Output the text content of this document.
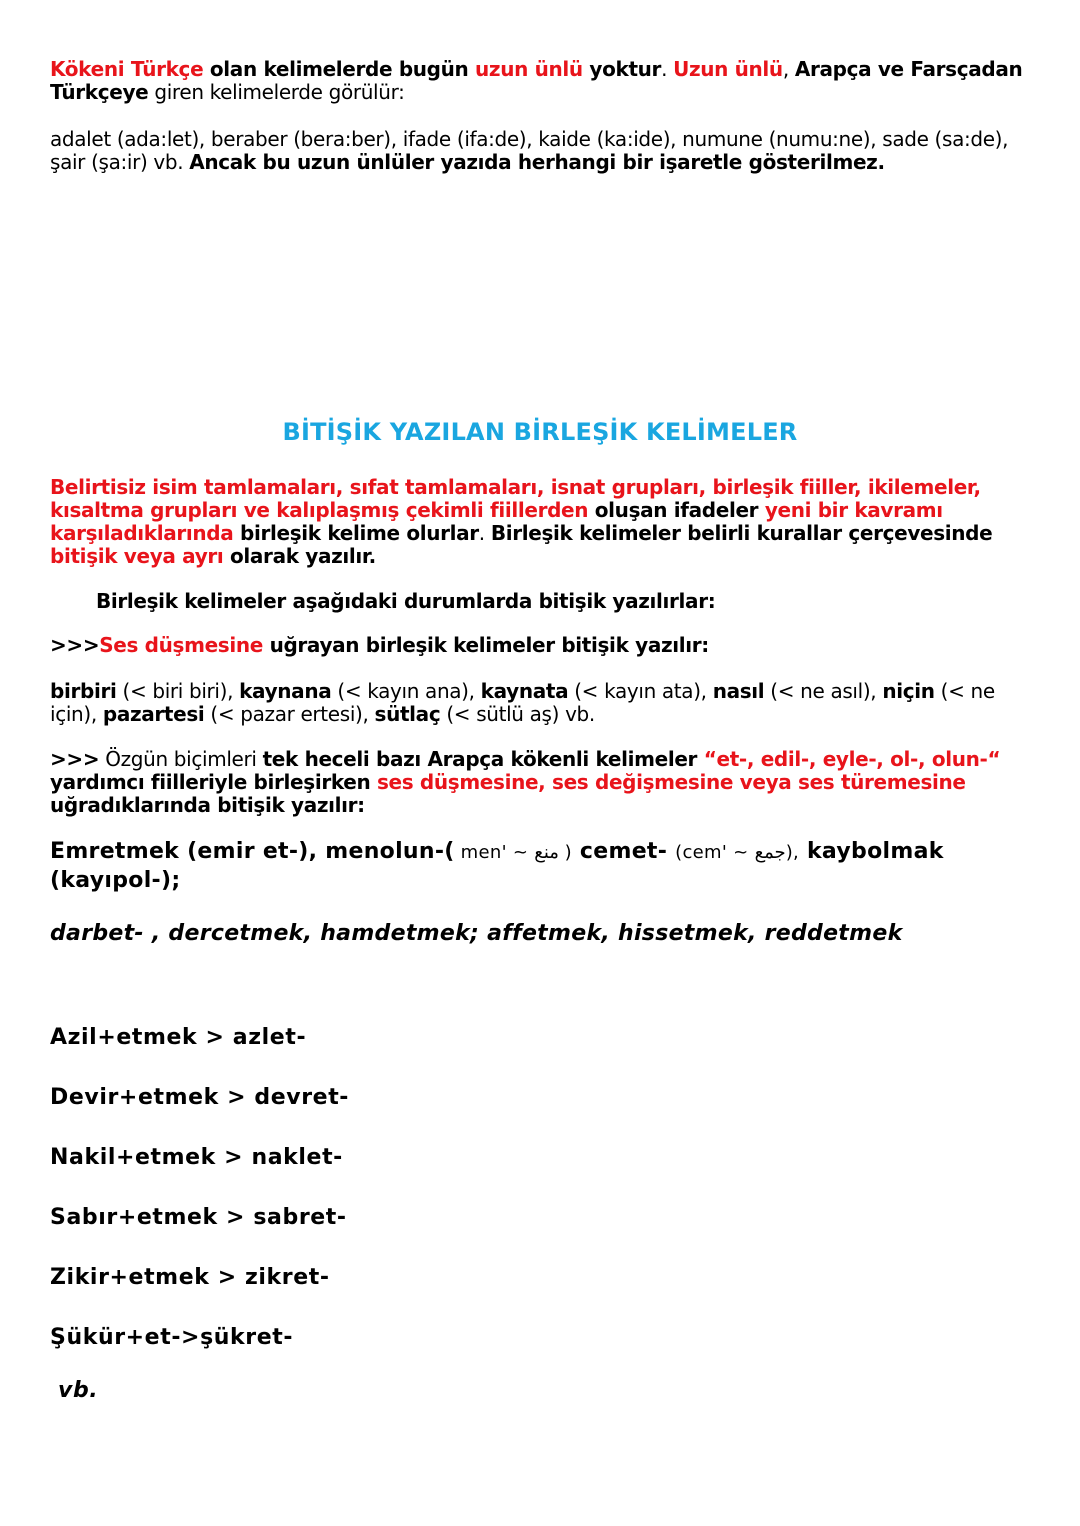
Kökeni Türkçe olan kelimelerde bugün uzun ünlü yoktur. Uzun ünlü, Arapça ve Farsçadan Türkçeye giren kelimelerde görülür:

adalet (ada:let), beraber (bera:ber), ifade (ifa:de), kaide (ka:ide), numune (numu:ne), sade (sa:de), şair (şa:ir) vb. Ancak bu uzun ünlüler yazıda herhangi bir işaretle gösterilmez.

BİTİŞİK YAZILAN BİRLEŞİK KELİMELER

Belirtisiz isim tamlamaları, sıfat tamlamaları, isnat grupları, birleşik fiiller, ikilemeler, kısaltma grupları ve kalıplaşmış çekimli fiillerden oluşan ifadeler yeni bir kavramı karşıladıklarında birleşik kelime olurlar. Birleşik kelimeler belirli kurallar çerçevesinde bitişik veya ayrı olarak yazılır.

Birleşik kelimeler aşağıdaki durumlarda bitişik yazılırlar:

>>>Ses düşmesine uğrayan birleşik kelimeler bitişik yazılır:

birbiri (< biri biri), kaynana (< kayın ana), kaynata (< kayın ata), nasıl (< ne asıl), niçin (< ne için), pazartesi (< pazar ertesi), sütlaç (< sütlü aş) vb.

>>> Özgün biçimleri tek heceli bazı Arapça kökenli kelimeler “et-, edil-, eyle-, ol-, olun-“ yardımcı fiilleriyle birleşirken ses düşmesine, ses değişmesine veya ses türemesine uğradıklarında bitişik yazılır:

Emretmek (emir et-), menolun-( men' ~ منع ) cemet- (cem' ~ جمع), kaybolmak (kayıpol-);

darbet- , dercetmek, hamdetmek; affetmek, hissetmek, reddetmek

Azil+etmek > azlet-

Devir+etmek > devret-

Nakil+etmek > naklet-

Sabır+etmek > sabret-

Zikir+etmek > zikret-

Şükür+et->şükret-

vb.
